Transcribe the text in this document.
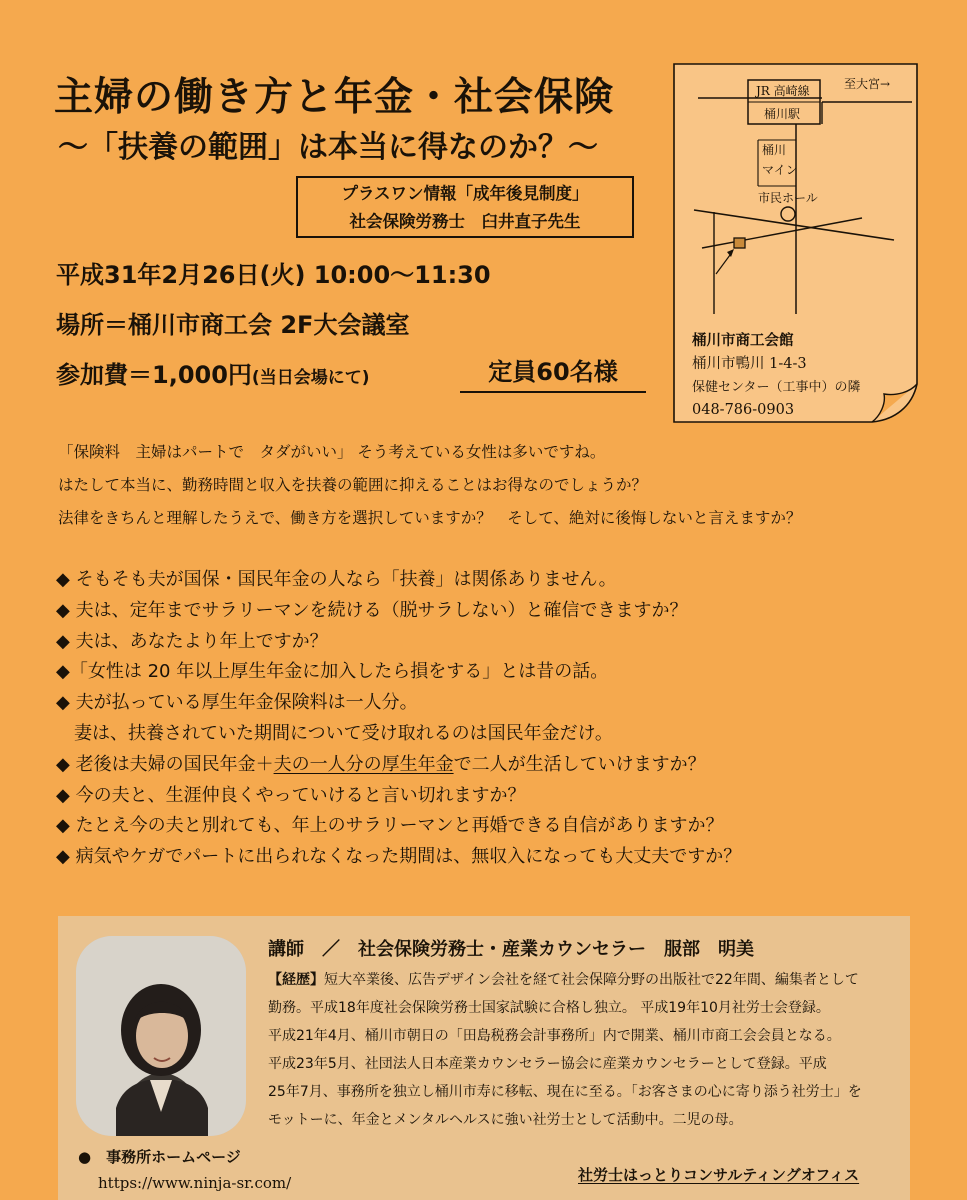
主婦の働き方と年金・社会保険
～「扶養の範囲」は本当に得なのか？～
プラスワン情報「成年後見制度」
社会保険労務士　臼井直子先生
平成31年2月26日(火) 10:00～11:30
場所＝桶川市商工会 2F大会議室
参加費＝1,000円(当日会場にて)	定員60名様
JR 高崎線
桶川駅
至大宮→
桶川
マイン
市民ホール
桶川市商工会館
桶川市鴨川 1-4-3
保健センター（工事中）の隣
048-786-0903
「保険料　主婦はパートで　タダがいい」 そう考えている女性は多いですね。
はたして本当に、勤務時間と収入を扶養の範囲に抑えることはお得なのでしょうか？
法律をきちんと理解したうえで、働き方を選択していますか？　そして、絶対に後悔しないと言えますか？
◆ そもそも夫が国保・国民年金の人なら「扶養」は関係ありません。
◆ 夫は、定年までサラリーマンを続ける（脱サラしない）と確信できますか？
◆ 夫は、あなたより年上ですか？
◆「女性は 20 年以上厚生年金に加入したら損をする」とは昔の話。
◆ 夫が払っている厚生年金保険料は一人分。
　妻は、扶養されていた期間について受け取れるのは国民年金だけ。
◆ 老後は夫婦の国民年金＋夫の一人分の厚生年金で二人が生活していけますか？
◆ 今の夫と、生涯仲良くやっていけると言い切れますか？
◆ たとえ今の夫と別れても、年上のサラリーマンと再婚できる自信がありますか？
◆ 病気やケガでパートに出られなくなった期間は、無収入になっても大丈夫ですか？
講師　／　社会保険労務士・産業カウンセラー　服部　明美
【経歴】短大卒業後、広告デザイン会社を経て社会保障分野の出版社で22年間、編集者として
勤務。平成18年度社会保険労務士国家試験に合格し独立。 平成19年10月社労士会登録。
平成21年4月、桶川市朝日の「田島税務会計事務所」内で開業、桶川市商工会会員となる。
平成23年5月、社団法人日本産業カウンセラー協会に産業カウンセラーとして登録。平成
25年7月、事務所を独立し桶川市寿に移転、現在に至る。「お客さまの心に寄り添う社労士」を
モットーに、年金とメンタルヘルスに強い社労士として活動中。二児の母。
●　事務所ホームページ
https://www.ninja-sr.com/	社労士はっとりコンサルティングオフィス
